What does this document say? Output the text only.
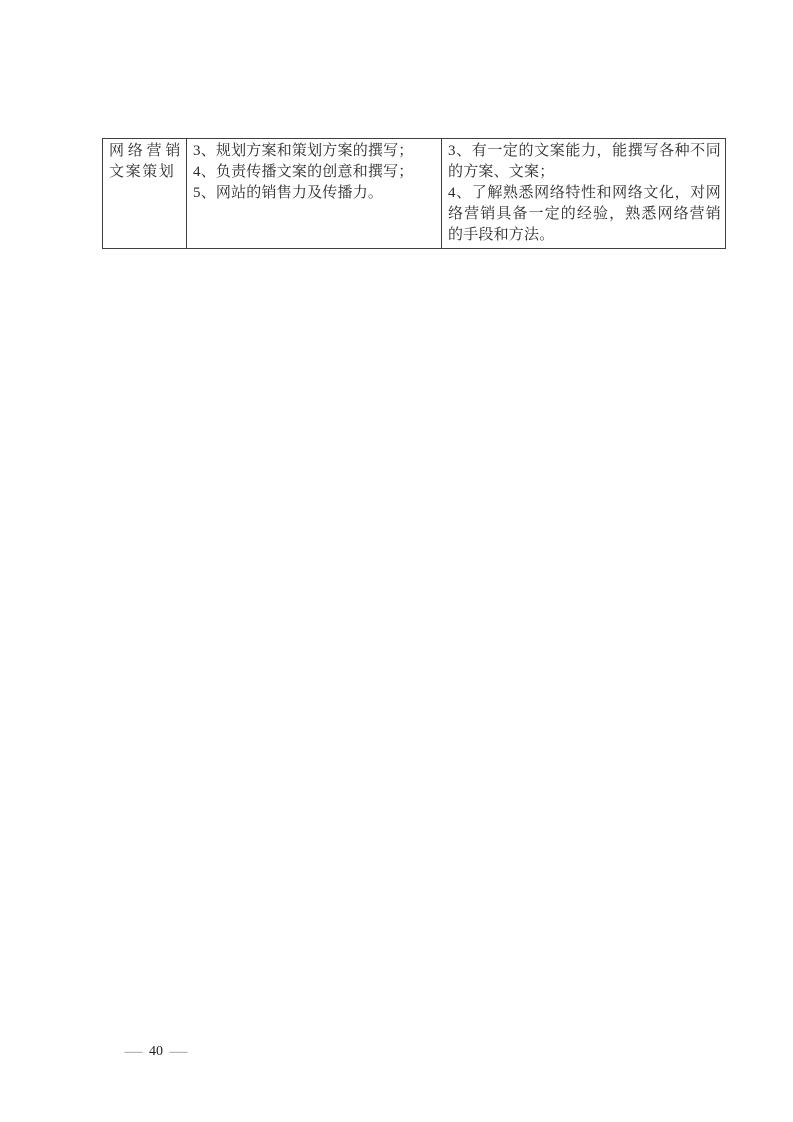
网络营销文案策划

3、规划方案和策划方案的撰写；
4、负责传播文案的创意和撰写；
5、网站的销售力及传播力。

3、有一定的文案能力，能撰写各种不同的方案、文案；
4、了解熟悉网络特性和网络文化，对网络营销具备一定的经验，熟悉网络营销的手段和方法。
— 40 —
